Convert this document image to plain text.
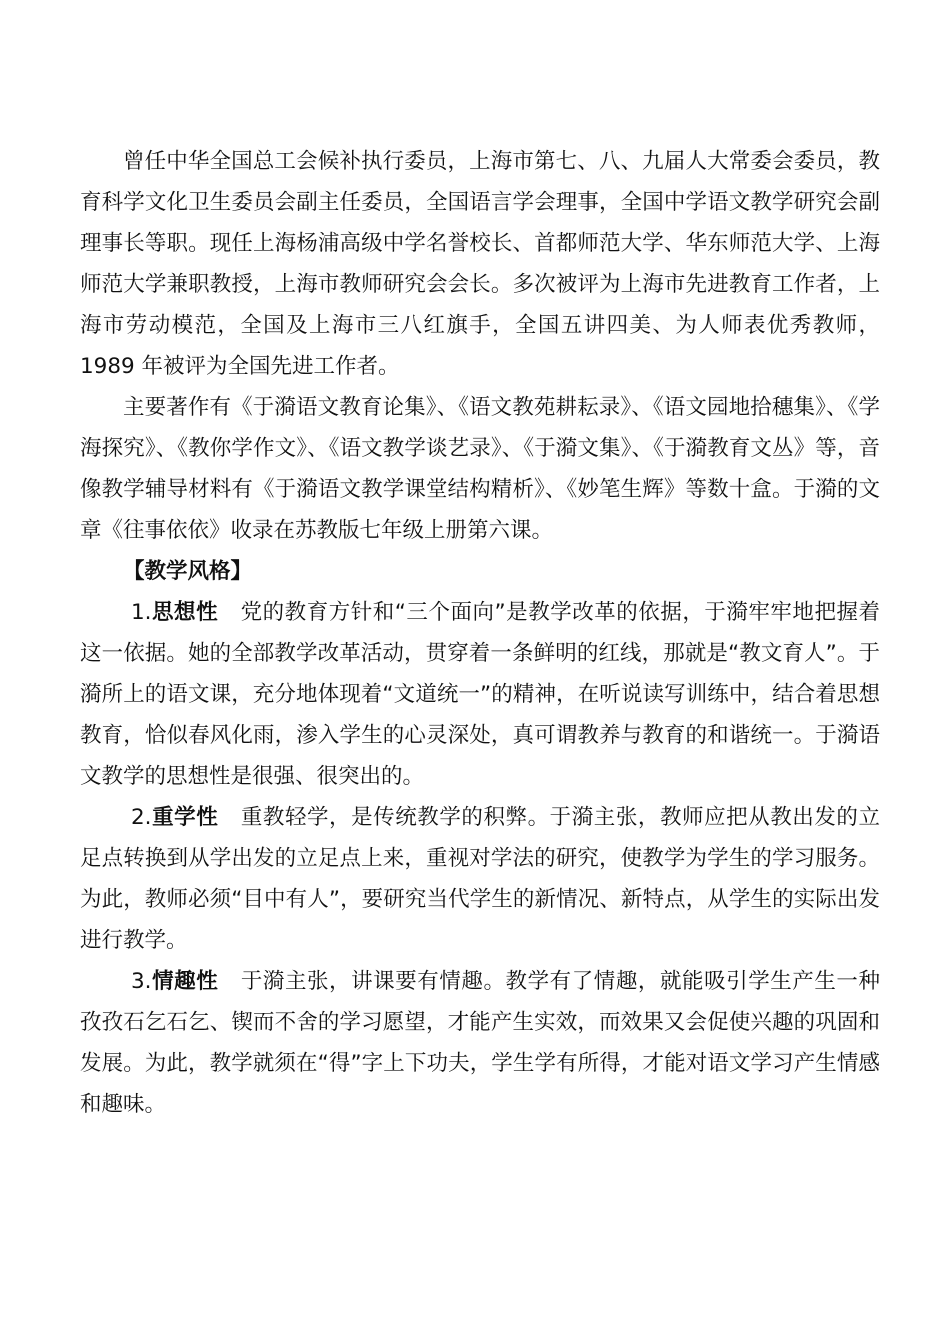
曾任中华全国总工会候补执行委员，上海市第七、八、九届人大常委会委员，教育科学文化卫生委员会副主任委员，全国语言学会理事，全国中学语文教学研究会副理事长等职。现任上海杨浦高级中学名誉校长、首都师范大学、华东师范大学、上海师范大学兼职教授，上海市教师研究会会长。多次被评为上海市先进教育工作者，上海市劳动模范，全国及上海市三八红旗手，全国五讲四美、为人师表优秀教师，1989 年被评为全国先进工作者。

主要著作有《于漪语文教育论集》、《语文教苑耕耘录》、《语文园地拾穗集》、《学海探究》、《教你学作文》、《语文教学谈艺录》、《于漪文集》、《于漪教育文丛》等，音像教学辅导材料有《于漪语文教学课堂结构精析》、《妙笔生辉》等数十盒。于漪的文章《往事依依》收录在苏教版七年级上册第六课。

【教学风格】

1.思想性 党的教育方针和“三个面向”是教学改革的依据，于漪牢牢地把握着这一依据。她的全部教学改革活动，贯穿着一条鲜明的红线，那就是“教文育人”。于漪所上的语文课，充分地体现着“文道统一”的精神，在听说读写训练中，结合着思想教育，恰似春风化雨，渗入学生的心灵深处，真可谓教养与教育的和谐统一。于漪语文教学的思想性是很强、很突出的。

2.重学性 重教轻学，是传统教学的积弊。于漪主张，教师应把从教出发的立足点转换到从学出发的立足点上来，重视对学法的研究，使教学为学生的学习服务。为此，教师必须“目中有人”，要研究当代学生的新情况、新特点，从学生的实际出发进行教学。

3.情趣性 于漪主张，讲课要有情趣。教学有了情趣，就能吸引学生产生一种孜孜石乞石乞、锲而不舍的学习愿望，才能产生实效，而效果又会促使兴趣的巩固和发展。为此，教学就须在“得”字上下功夫，学生学有所得，才能对语文学习产生情感和趣味。
